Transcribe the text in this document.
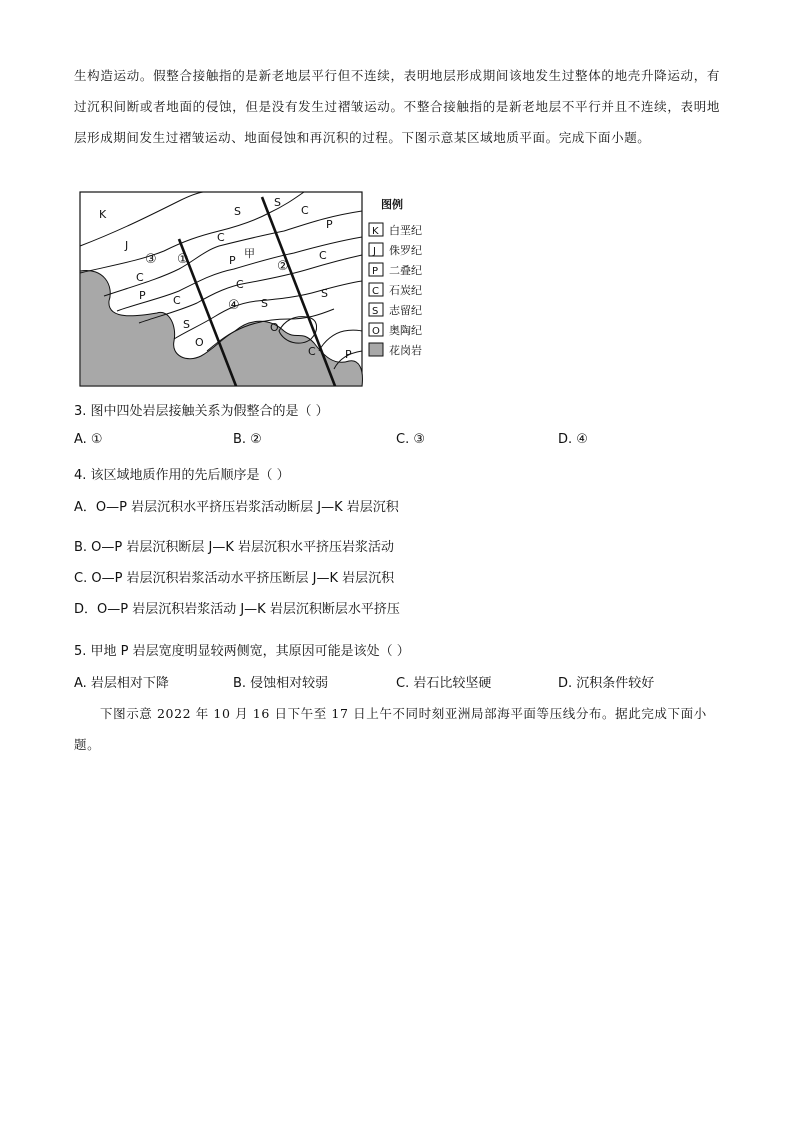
生构造运动。假整合接触指的是新老地层平行但不连续，表明地层形成期间该地发生过整体的地壳升降运动，有过沉积间断或者地面的侵蚀，但是没有发生过褶皱运动。不整合接触指的是新老地层不平行并且不连续，表明地层形成期间发生过褶皱运动、地面侵蚀和再沉积的过程。下图示意某区域地质平面。完成下面小题。

K
J
C
P C
S
O
C
P
甲
C
S
O
S
S
C
P
C
S
C	P
③ ①	②
④
图例
K 白垩纪
J 侏罗纪
P 二叠纪
C 石炭纪
S 志留纪
O 奥陶纪
花岗岩

3. 图中四处岩层接触关系为假整合的是（ ）

A. ①	B. ②	C. ③	D. ④

4. 该区域地质作用的先后顺序是（ ）

A．O—P 岩层沉积水平挤压岩浆活动断层 J—K 岩层沉积

B. O—P 岩层沉积断层 J—K 岩层沉积水平挤压岩浆活动

C. O—P 岩层沉积岩浆活动水平挤压断层 J—K 岩层沉积

D．O—P 岩层沉积岩浆活动 J—K 岩层沉积断层水平挤压

5. 甲地 P 岩层宽度明显较两侧宽，其原因可能是该处（ ）

A. 岩层相对下降	B. 侵蚀相对较弱	C. 岩石比较坚硬	D. 沉积条件较好

下图示意 2022 年 10 月 16 日下午至 17 日上午不同时刻亚洲局部海平面等压线分布。据此完成下面小题。
